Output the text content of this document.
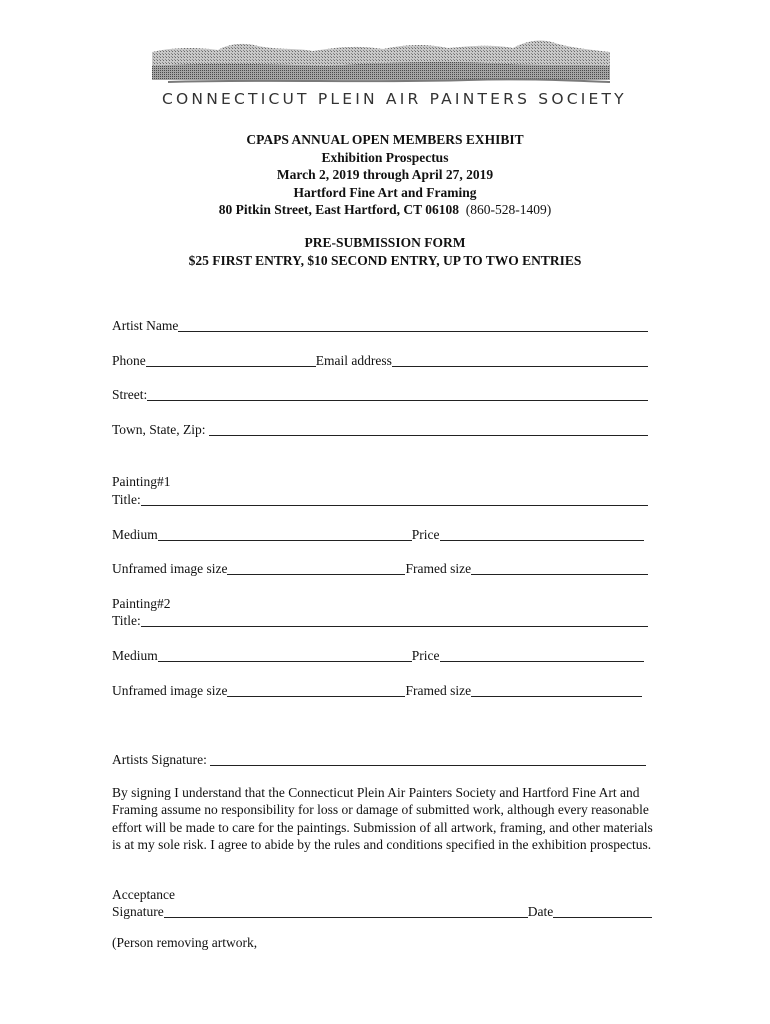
CONNECTICUT PLEIN AIR PAINTERS SOCIETY
CPAPS ANNUAL OPEN MEMBERS EXHIBIT
Exhibition Prospectus
March 2, 2019 through April 27, 2019
Hartford Fine Art and Framing
80 Pitkin Street, East Hartford, CT 06108 (860-528-1409)
PRE-SUBMISSION FORM
$25 FIRST ENTRY, $10 SECOND ENTRY, UP TO TWO ENTRIES
Artist Name
Phone	Email address
Street:
Town, State, Zip:
Painting#1
Title:
Medium	Price
Unframed image size	Framed size
Painting#2
Title:
Medium	Price
Unframed image size	Framed size
Artists Signature:
By signing I understand that the Connecticut Plein Air Painters Society and Hartford Fine Art and Framing assume no responsibility for loss or damage of submitted work, although every reasonable effort will be made to care for the paintings. Submission of all artwork, framing, and other materials is at my sole risk. I agree to abide by the rules and conditions specified in the exhibition prospectus.
Acceptance
Signature	Date
(Person removing artwork,
